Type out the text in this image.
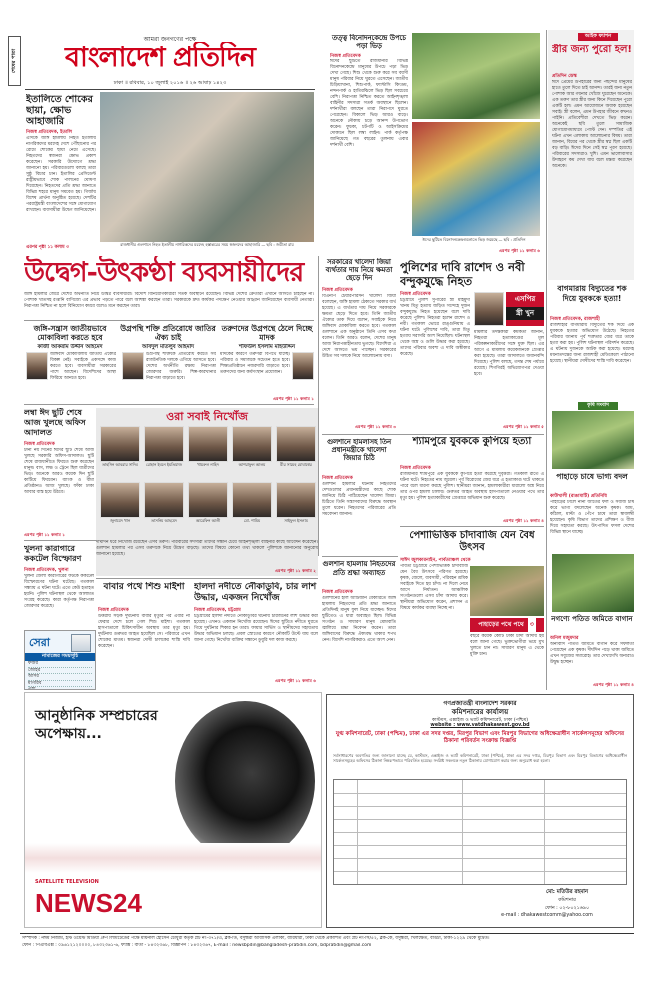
শেষের পাতা
আমরা জনগণের পক্ষে
বাংলাদেশ প্রতিদিন
ঢাকা ॥ রবিবার, ১০ জুলাই ২০১৬ ॥ ২৬ আষাঢ় ১৪২৩
ইতালিতে শোকের ছায়া, ক্ষোভ আহাজারি
নিজস্ব প্রতিবেদক, ইতালি
এদিকে জঙ্গি হামলায় নিহত ইতালীয় নাগরিকদের মরদেহ দেশে পৌঁছানোর পর রোমে শোকের ছায়া নেমে এসেছে। নিহতদের স্বজনরা ক্ষোভ প্রকাশ করেছেন। সরকারি উদ্যোগে শ্রদ্ধা জানানো হয়। পরিবারগুলো বলছে তারা সুষ্ঠু বিচার চান। ইতালির প্রেসিডেন্ট রাষ্ট্রীয়ভাবে শোক পালনের ঘোষণা দিয়েছেন। নিহতদের প্রতি শ্রদ্ধা জানাতে বিভিন্ন শহরে মানুষ সমবেত হয়। গির্জায় বিশেষ প্রার্থনা অনুষ্ঠিত হয়েছে। দেশটির পররাষ্ট্রমন্ত্রী বাংলাদেশের সঙ্গে যোগাযোগ রাখছেন। ব্যবসায়ীরা উদ্বেগ জানিয়েছেন।
এরপর পৃষ্ঠা ১১ কলাম ৩
রাজধানীর গুলশানে নিহত ইতালীয় নাগরিকদের মরদেহ হস্তান্তরের সময় স্বজনদের আহাজারি — ছবি : জয়ীতা রায়
তত্ত্ব বিনোদনকেন্দ্রে উপচে পড়া ভিড়
নিজস্ব প্রতিবেদক
ঈদের ছুটিতে রাজধানীর বিভিন্ন বিনোদনকেন্দ্রে মানুষের উপচে পড়া ভিড় দেখা গেছে। শিশু থেকে শুরু করে সব বয়সী মানুষ পরিবার নিয়ে ঘুরতে এসেছেন। জাতীয় চিড়িয়াখানা, শিশুপার্ক, ফ্যান্টাসি কিংডম, নন্দনপার্ক ও হাতিরঝিলে ভিড় ছিল সবচেয়ে বেশি। নিরাপত্তা নিশ্চিত করতে আইনশৃঙ্খলা বাহিনীর সদস্যরা সতর্ক অবস্থানে ছিলেন। দর্শনার্থীরা বলছেন তারা নিরাপদে ঘুরতে পেরেছেন। বিকালে ভিড় আরও বাড়ে। অনেকে নৌকায় চড়ে আনন্দ উপভোগ করেন। ফুচকা, চটপটি ও আইসক্রিমের দোকানে ছিল লম্বা লাইন। পার্ক কর্তৃপক্ষ জানিয়েছে গত বছরের তুলনায় এবার দর্শনার্থী বেশি।
ঈদের ছুটিতে বিনোদনকেন্দ্রগুলোতে ভিড় জমেছে — ছবি : প্রতিদিন
এরপর পৃষ্ঠা ১১ কলাম ৬
আইফ ফ্যাশন
স্ত্রীর জন্য পুরো হল!
প্রতিদিন ডেস্ক
ঈদে প্রেমের উপহারের জন্য পছন্দের মানুষের হাতে তুলে দিতে চাই আনন্দ। তারই জন্য নতুন পোশাক আর গয়নার খোঁজে ঘুরেছেন অনেকে। এক তরুণ তার স্ত্রীর জন্য কিনে দিয়েছেন পুরো একটি হল। এমন আয়োজনে অবাক হয়েছেন সবাই। স্ত্রী বলেন, এমন উপহার জীবনে কখনও পাইনি। প্রতিবেশীরা দেখতে ভিড় করেন। অনেকেই ছবি তুলে সামাজিক যোগাযোগমাধ্যমে পোস্ট দেন। দম্পতির এই ঘটনা এখন এলাকায় আলোচনার বিষয়। তারা জানান, বিয়ের পর থেকে স্ত্রীর স্বপ্ন ছিল একটি বড় বাড়ি। ঈদের দিনে সেই স্বপ্ন পূরণ হয়েছে। পরিবারের সদস্যরাও খুশি। এমন ভালোবাসার উদাহরণ কম দেখা যায় বলে মন্তব্য করেছেন অনেকে।
বাগমারায় বিদ্যুতের শক দিয়ে যুবককে হত্যা!
নিজস্ব প্রতিবেদক, রাজশাহী
রাজশাহীর বাগমারায় বিদ্যুতের শক দিয়ে এক যুবককে হত্যার অভিযোগ উঠেছে। নিহতের পরিবার জানায় পূর্ব শত্রুতার জের ধরে তাকে হত্যা করা হয়। পুলিশ ঘটনাস্থল পরিদর্শন করেছে। এ ঘটনায় দুজনকে আটক করা হয়েছে। মরদেহ ময়নাতদন্তের জন্য রাজশাহী মেডিকেলে পাঠানো হয়েছে। স্থানীয়রা দোষীদের শাস্তি দাবি করেছেন।
কৃষি সংবাদ
পাহাড়ে চাষে ভাগ্য বদল
কাউখালী (রাঙামাটি) প্রতিনিধি
পাহাড়ের ঢালে নানা জাতের ফল ও সবজি চাষ করে ভাগ্য বদলেছেন অনেক কৃষক। আম, কাঁঠাল, মাল্টা ও পেঁপে চাষে তারা স্বাবলম্বী হয়েছেন। কৃষি বিভাগ তাদের প্রশিক্ষণ ও বীজ দিয়ে সহায়তা করছে। উৎপাদিত ফসল দেশের বিভিন্ন স্থানে যাচ্ছে।
নগণ্যে পতিত জমিতে বাগান
অনিল মজুমদার
অনাবাদি পতিত জমিতে বাগান করে সফলতা পেয়েছেন এক কৃষক। দীর্ঘদিন পড়ে থাকা জমিতে এখন সবুজের সমারোহ। তার দেখাদেখি অন্যরাও উদ্বুদ্ধ হচ্ছেন।
এরপর পৃষ্ঠা ১১ কলাম ৪
উদ্বেগ-উৎকণ্ঠা ব্যবসায়ীদের
জঙ্গি হামলার জেরে দেশের অর্থনীতি নিয়ে উদ্বিগ্ন ব্যবসায়ীরা। বিদেশি বিনিয়োগকারীরা সতর্ক অবস্থানে রয়েছেন। বিভিন্ন দেশের ক্রেতারা এখানে আসতে চাইছেন না। পোশাক খাতসহ রপ্তানি বাণিজ্যে এর প্রভাব পড়তে পারে বলে আশঙ্কা করছেন তারা। সরকারকে দ্রুত কার্যকর পদক্ষেপ নেওয়ার আহ্বান জানিয়েছেন ব্যবসায়ী নেতারা। নিরাপত্তা নিশ্চিত না হলে বিনিয়োগ কমবে বলেও মনে করছেন তারা।
জঙ্গি-সন্ত্রাস জাতীয়ভাবে মোকাবিলা করতে হবে
কাজী আকরাম উদ্দীন আহমেদ
জঙ্গিবাদ মোকাবিলায় জাতীয় ঐক্যের বিকল্প নেই। সবাইকে একসঙ্গে কাজ করতে হবে। ব্যবসায়ীরা সরকারের পাশে আছেন। বিদেশিদের আস্থা ফিরিয়ে আনতে হবে।
উগ্রপন্থি শক্তি প্রতিরোধে জাতির ঐক্য চাই
আবদুল মাতলুব আহমাদ
উগ্রপন্থি শক্তিকে প্রতিরোধ করতে সব রাজনৈতিক দলকে এগিয়ে আসতে হবে। দেশের অর্থনীতি রক্ষায় নিরাপত্তা জোরদার জরুরি। শিল্প-কারখানার নিরাপত্তা বাড়াতে হবে।
তরুণদের উগ্রপন্থে ঠেলে দিচ্ছে মাদক
শফিউল ইসলাম মহিউদ্দিন
মাদকের কারণে তরুণরা বিপথে যাচ্ছে। পরিবার ও সমাজকে সচেতন হতে হবে। শিক্ষাপ্রতিষ্ঠানে নজরদারি বাড়াতে হবে। তরুণদের জন্য কর্মসংস্থান প্রয়োজন।
এরপর পৃষ্ঠা ১১ কলাম ১
সরকারের খালেদা জিয়া ব্যর্থতার দায় নিয়ে ক্ষমতা ছেড়ে দিন
নিজস্ব প্রতিবেদক
বিএনপি চেয়ারপারসন খালেদা জিয়া বলেছেন, জঙ্গি হামলা ঠেকাতে সরকার ব্যর্থ হয়েছে। এ ব্যর্থতার দায় নিয়ে সরকারকে ক্ষমতা ছেড়ে দিতে হবে। তিনি জাতীয় ঐক্যের ডাক দিয়ে বলেন, সবাইকে নিয়ে জঙ্গিবাদ মোকাবিলা করতে হবে। গতকাল গুলশানে এক অনুষ্ঠানে তিনি এসব কথা বলেন। তিনি আরও বলেন, দেশের মানুষ আজ নিরাপত্তাহীনতায় ভুগছে। বিদেশিরা এ দেশে আসতে ভয় পাচ্ছেন। সরকারের উচিত সব দলকে নিয়ে আলোচনায় বসা।
এরপর পৃষ্ঠা ১১ কলাম ৩
পুলিশের দাবি রাশেদ ও নবী বন্দুকযুদ্ধে নিহত
নিজস্ব প্রতিবেদক
চট্টগ্রামে পুলিশ সুপারের স্ত্রী মাহমুদা খানম মিতু হত্যায় জড়িত সন্দেহে দুজন বন্দুকযুদ্ধে নিহত হয়েছেন বলে দাবি করেছে পুলিশ। নিহতরা হলেন রাশেদ ও নবী। গতকাল ভোরে রাঙ্গুনিয়ায় এ ঘটনা ঘটে। পুলিশের দাবি, তারা মিতু হত্যায় সরাসরি অংশ নিয়েছিল। ঘটনাস্থল থেকে অস্ত্র ও গুলি উদ্ধার করা হয়েছে। তাদের পরিবার অবশ্য এ দাবি অস্বীকার করেছে।
এসপির
স্ত্রী খুন
মামলার তদন্তকারী কর্মকর্তা জানান, নিহতরা হত্যাকাণ্ডের মূল পরিকল্পনাকারীদের সঙ্গে যুক্ত ছিল। এর আগে এ মামলায় কয়েকজনকে গ্রেপ্তার করা হয়েছে। তারা আদালতে জবানবন্দি দিয়েছে। পুলিশ বলছে, তদন্ত শেষ পর্যায়ে রয়েছে। শিগগিরই অভিযোগপত্র দেওয়া হবে।
এরপর পৃষ্ঠা ১১ কলাম ৫
লম্বা ঈদ ছুটি শেষে আজ খুলছে অফিস আদালত
নিজস্ব প্রতিবেদক
টানা নয় দিনের ঈদের ছুটি শেষে আজ খুলছে সরকারি অফিস-আদালত। ছুটি শেষে রাজধানীতে ফিরতে শুরু করেছেন মানুষ। বাস, লঞ্চ ও ট্রেনে ছিল যাত্রীদের ভিড়। অনেকে আরও কয়েক দিন ছুটি কাটিয়ে ফিরবেন। ব্যাংক ও বীমা প্রতিষ্ঠানও আজ খুলছে। ফাঁকা ঢাকা আবার ব্যস্ত হয়ে উঠবে।
এরপর পৃষ্ঠা ১১ কলাম ১
ওরা সবাই নিখোঁজ
দীর্ঘদিন ধরে নিখোঁজ রয়েছেন এসব তরুণ। পরিবারের সদস্যরা তাদের সন্ধান চেয়ে আইনশৃঙ্খলা বাহিনীর কাছে আবেদন করেছেন। গুলশান হামলার পর এসব তরুণকে নিয়ে উদ্বেগ বাড়ছে। তাদের বিষয়ে কোনো তথ্য থাকলে পুলিশকে জানানোর অনুরোধ জানানো হয়েছে।
এরপর পৃষ্ঠা ১১ কলাম ২
গুলশানে হামলাসহ তিন প্রধানমন্ত্রীকে খালেদা জিয়ার চিঠি
নিজস্ব প্রতিবেদক
গুলশান হামলার ঘটনায় নিহতদের দেশগুলোর প্রধানমন্ত্রীদের কাছে শোক জানিয়ে চিঠি পাঠিয়েছেন খালেদা জিয়া। চিঠিতে তিনি সন্ত্রাসবাদের বিরুদ্ধে অবস্থান তুলে ধরেন। নিহতদের পরিবারের প্রতি সমবেদনা জানান।
শ্যামপুরে যুবককে কুপিয়ে হত্যা
নিজস্ব প্রতিবেদক
রাজধানীর শ্যামপুরে এক যুবককে কুপিয়ে হত্যা করেছে দুর্বৃত্তরা। গতকাল রাতে এ ঘটনা ঘটে। নিহতের নাম জুয়েল। পূর্ব বিরোধের জের ধরে এ হত্যাকাণ্ড ঘটে থাকতে পারে বলে ধারণা করছে পুলিশ। স্থানীয়রা জানান, হামলাকারীরা ধারালো অস্ত্র নিয়ে তার ওপর হামলা চালায়। গুরুতর আহত অবস্থায় হাসপাতালে নেওয়ার পথে তার মৃত্যু হয়। পুলিশ হত্যাকারীদের গ্রেপ্তারে অভিযান শুরু করেছে।
এরপর পৃষ্ঠা ১১ কলাম ৪
পেশাভিত্তিক চাঁদাবাজি যেন বৈধ উৎসব
সাঈদ জুলকারনাইন, পার্বত্যাঞ্চল থেকে
পার্বত্য চট্টগ্রামে পেশাভিত্তিক চাঁদাবাজি যেন বৈধ উৎসবে পরিণত হয়েছে। কৃষক, জেলে, ব্যবসায়ী, পরিবহন শ্রমিক সবাইকে দিতে হয় চাঁদা। না দিলে নেমে আসে নির্যাতন। আঞ্চলিক সংগঠনগুলো এসব চাঁদা আদায় করে। স্থানীয়রা অভিযোগ করেন, প্রশাসন এ বিষয়ে কার্যকর ব্যবস্থা নিচ্ছে না।
পাহাড়ের পথে পথে ৩
বছরে কয়েক কোটি টাকা চাঁদা আদায় হয় বলে জানা গেছে। ভুক্তভোগীরা ভয়ে মুখ খুলতে চান না। সাধারণ মানুষ এ থেকে মুক্তি চান।
খুলনা কারাগারে ককটেল বিস্ফোরণ
নিজস্ব প্রতিবেদক, খুলনা
খুলনা জেলা কারাগারের ফটকে ককটেল বিস্ফোরণের ঘটনা ঘটেছে। গতকাল সন্ধ্যায় এ ঘটনা ঘটে। এতে কেউ হতাহত হয়নি। পুলিশ ঘটনাস্থল থেকে আলামত সংগ্রহ করেছে। কারা কর্তৃপক্ষ নিরাপত্তা জোরদার করেছে।
সেরা
নামাজের সময়সূচি
ফজর
জোহর
আসর
মাগরিব
এশা
বাবার পথে শিশু মাইশা
নিজস্ব প্রতিবেদক
উত্তরায় সড়ক দুর্ঘটনায় বাবার মৃত্যুর পর এবার না ফেরার দেশে চলে গেল শিশু মাইশা। গতকাল হাসপাতালে চিকিৎসাধীন অবস্থায় তার মৃত্যু হয়। দুর্ঘটনায় গুরুতর আহত হয়েছিল সে। পরিবারে এখন শোকের মাতম। স্বজনরা দোষী চালকের শাস্তি দাবি করেছেন।
হালদা নদীতে নৌকাডুবি, চার লাশ উদ্ধার, একজন নিখোঁজ
নিজস্ব প্রতিবেদক, চট্টগ্রাম
চট্টগ্রামের হালদা নদীতে নৌকাডুবির ঘটনায় চারজনের লাশ উদ্ধার করা হয়েছে। এখনও একজন নিখোঁজ রয়েছেন। ঈদের ছুটিতে নদীতে ঘুরতে গিয়ে দুর্ঘটনার শিকার হন তারা। ফায়ার সার্ভিস ও স্থানীয়দের সহায়তায় উদ্ধার অভিযান চলছে। প্রবল স্রোতের কারণে নৌকাটি উল্টে যায় বলে জানা গেছে। নিখোঁজ ব্যক্তির সন্ধানে ডুবুরি দল কাজ করছে।
এরপর পৃষ্ঠা ১১ কলাম ৬
গুলশান হামলায় নিহতদের প্রতি শ্রদ্ধা অব্যাহত
নিজস্ব প্রতিবেদক
গুলশানের হলি আর্টিজান বেকারিতে জঙ্গি হামলায় নিহতদের প্রতি শ্রদ্ধা জানাতে প্রতিদিনই মানুষ ফুল নিয়ে যাচ্ছেন। ঈদের ছুটিতেও এ ধারা অব্যাহত ছিল। বিভিন্ন সংগঠন ও সাধারণ মানুষ মোমবাতি জ্বালিয়ে শ্রদ্ধা নিবেদন করেন। তারা জঙ্গিবাদের বিরুদ্ধে ঐক্যবদ্ধ থাকার শপথ নেন। বিদেশি নাগরিকরাও এতে অংশ নেন।
আনুষ্ঠানিক সম্প্রচারের অপেক্ষায়...
SATELLITE TELEVISION
NEWS24
গণপ্রজাতন্ত্রী বাংলাদেশ সরকার
কমিশনারের কার্যালয়
কাস্টমস, এক্সাইজ ও ভ্যাট কমিশনারেট, ঢাকা (পশ্চিম)
website : www.vatdhakawest.gov.bd
যুগ্ম কমিশনারেট, ঢাকা (পশ্চিম), ঢাকা এর সদর দপ্তর, মিরপুর বিভাগ এবং মিরপুর বিভাগের অধিক্ষেত্রাধীন সার্কেলসমূহের অফিসের ঠিকানা পরিবর্তন সংক্রান্ত বিজ্ঞপ্তি
সর্বসাধারণের অবগতির জন্য জানানো যাচ্ছে যে, কাস্টমস, এক্সাইজ ও ভ্যাট কমিশনারেট, ঢাকা (পশ্চিম), ঢাকা এর সদর দপ্তর, মিরপুর বিভাগ এবং মিরপুর বিভাগের অধিক্ষেত্রাধীন সার্কেলসমূহের অফিসের ঠিকানা নিম্নরূপভাবে পরিবর্তিত হয়েছে। সংশ্লিষ্ট সকলকে নতুন ঠিকানায় যোগাযোগ করার জন্য অনুরোধ করা হলো।
মো: মতিউর রহমান
কমিশনার
ফোন : ০২-৮০২১৬৯০
e-mail : dhakawestcomm@yahoo.com
সম্পাদক : নঈম নিজাম, ইস্ট ওয়েস্ট মিডিয়া গ্রুপ লিমিটেডের পক্ষে মায়নাল হোসেন চৌধুরী কর্তৃক প্লট নং-৩৭১/এ, ব্লক-ডি, বসুন্ধরা আবাসিক এলাকা, বারিধারা, ঢাকা থেকে প্রকাশিত এবং প্লট নং-সি/৫২, ব্লক-কে, বসুন্ধরা, খিলক্ষেত, বাড্ডা, ঢাকা-১২২৯ থেকে মুদ্রিত।
ফোন : পিএবিএক্স : ০৯৬১২১২০০০০, ৮৪৩২৩৬১-৬, ফ্যাক্স : বার্তা - ৮৪৩২৩৬৮, বিজ্ঞাপন : ৮৪৩২৩৬৭, E-mail : newsbpdin@bangladesh-pratidin.com, bdpratidin@gmail.com
তাহসিন আবরার সাদিব	রোহান ইবনে ইমতিয়াজ	খায়রুল নাহিদ	আশরাফুল আলম	মীর সামেহ মোবাশ্বের
জুনায়েদ খান	তাসনিম আহমেদ	আরেফিন আলী	মো. শামিম	সাইফুল ইসলাম
